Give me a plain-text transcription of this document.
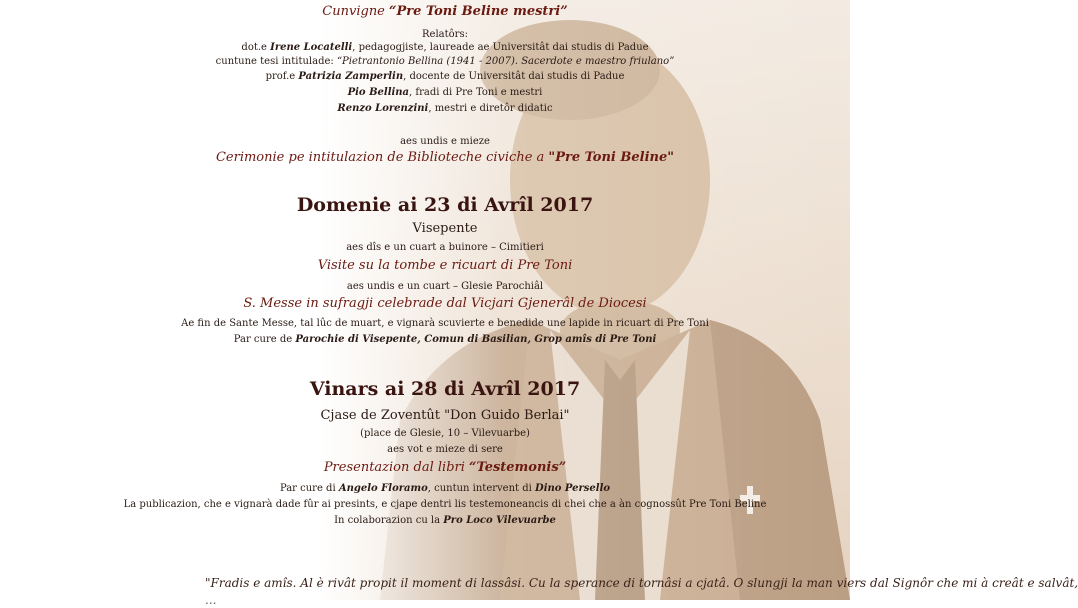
Cunvigne “Pre Toni Beline mestri”
Relatôrs:
dot.e Irene Locatelli, pedagogjiste, laureade ae Universitât dai studis di Padue
cuntune tesi intitulade: “Pietrantonio Bellina (1941 - 2007). Sacerdote e maestro friulano”
prof.e Patrizia Zamperlin, docente de Universitât dai studis di Padue
Pio Bellina, fradi di Pre Toni e mestri
Renzo Lorenzini, mestri e diretôr didatic
aes undis e mieze
Cerimonie pe intitulazion de Biblioteche civiche a "Pre Toni Beline"
Domenie ai 23 di Avrîl 2017
Visepente
aes dîs e un cuart a buinore – Cimitieri
Visite su la tombe e ricuart di Pre Toni
aes undis e un cuart – Glesie Parochiâl
S. Messe in sufragji celebrade dal Vicjari Gjenerâl de Diocesi
Ae fin de Sante Messe, tal lûc de muart, e vignarà scuvierte e benedide une lapide in ricuart di Pre Toni
Par cure de Parochie di Visepente, Comun di Basilian, Grop amîs di Pre Toni
Vinars ai 28 di Avrîl 2017
Cjase de Zoventût "Don Guido Berlai"
(place de Glesie, 10 – Vilevuarbe)
aes vot e mieze di sere
Presentazion dal libri “Testemonis”
Par cure di Angelo Floramo, cuntun intervent di Dino Persello
La publicazion, che e vignarà dade fûr ai presints, e cjape dentri lis testemoneancis di chei che a àn cognossût Pre Toni Beline
In colaborazion cu la Pro Loco Vilevuarbe
"Fradis e amîs. Al è rivât propit il moment di lassâsi. Cu la sperance di tornâsi a cjatâ. O slungji la man viers dal Signôr che mi à creât e salvât,
...
